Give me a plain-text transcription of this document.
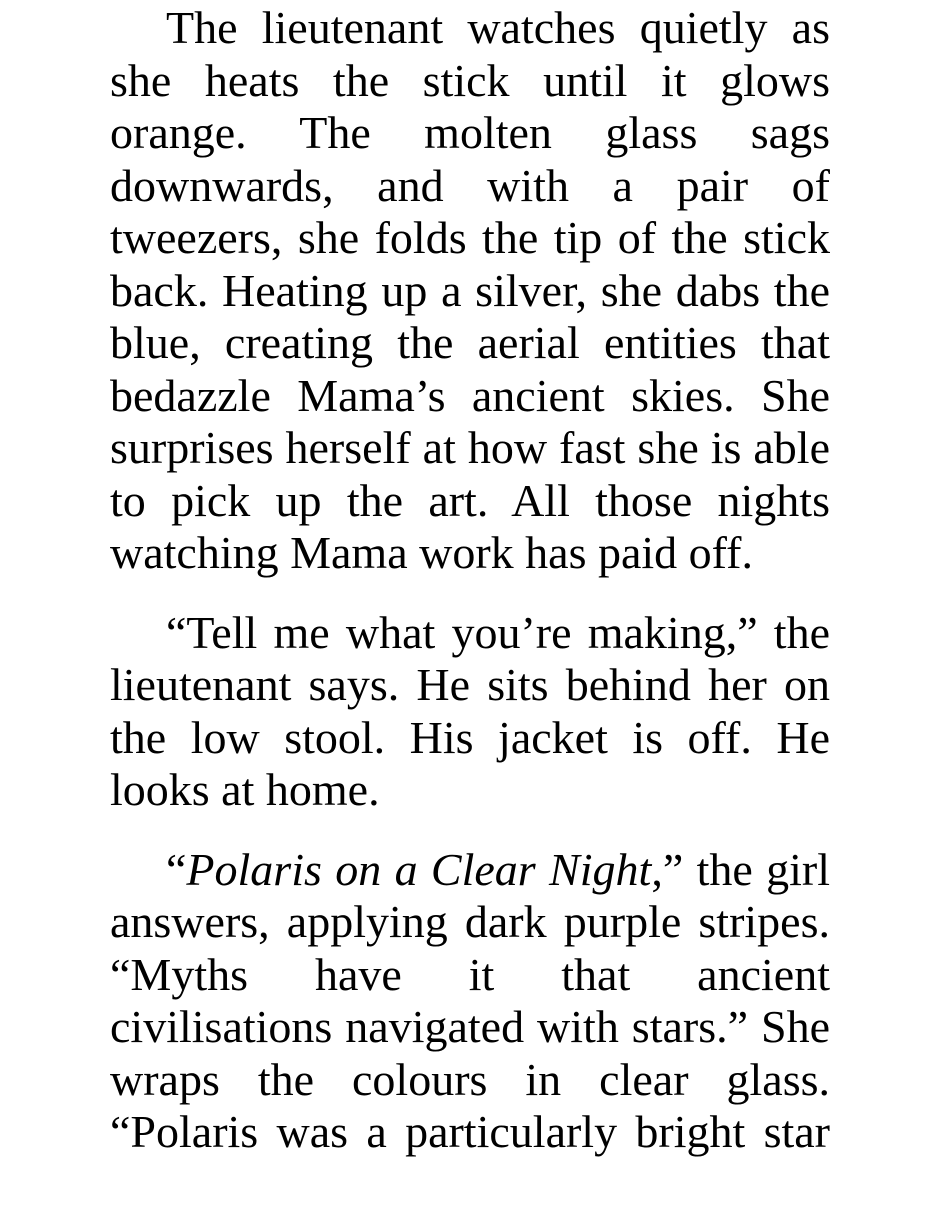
The lieutenant watches quietly as she heats the stick until it glows orange. The molten glass sags downwards, and with a pair of tweezers, she folds the tip of the stick back. Heating up a silver, she dabs the blue, creating the aerial entities that bedazzle Mama’s ancient skies. She surprises herself at how fast she is able to pick up the art. All those nights watching Mama work has paid off.

“Tell me what you’re making,” the lieutenant says. He sits behind her on the low stool. His jacket is off. He looks at home.

“Polaris on a Clear Night,” the girl answers, applying dark purple stripes. “Myths have it that ancient civilisations navigated with stars.” She wraps the colours in clear glass. “Polaris was a particularly bright star
